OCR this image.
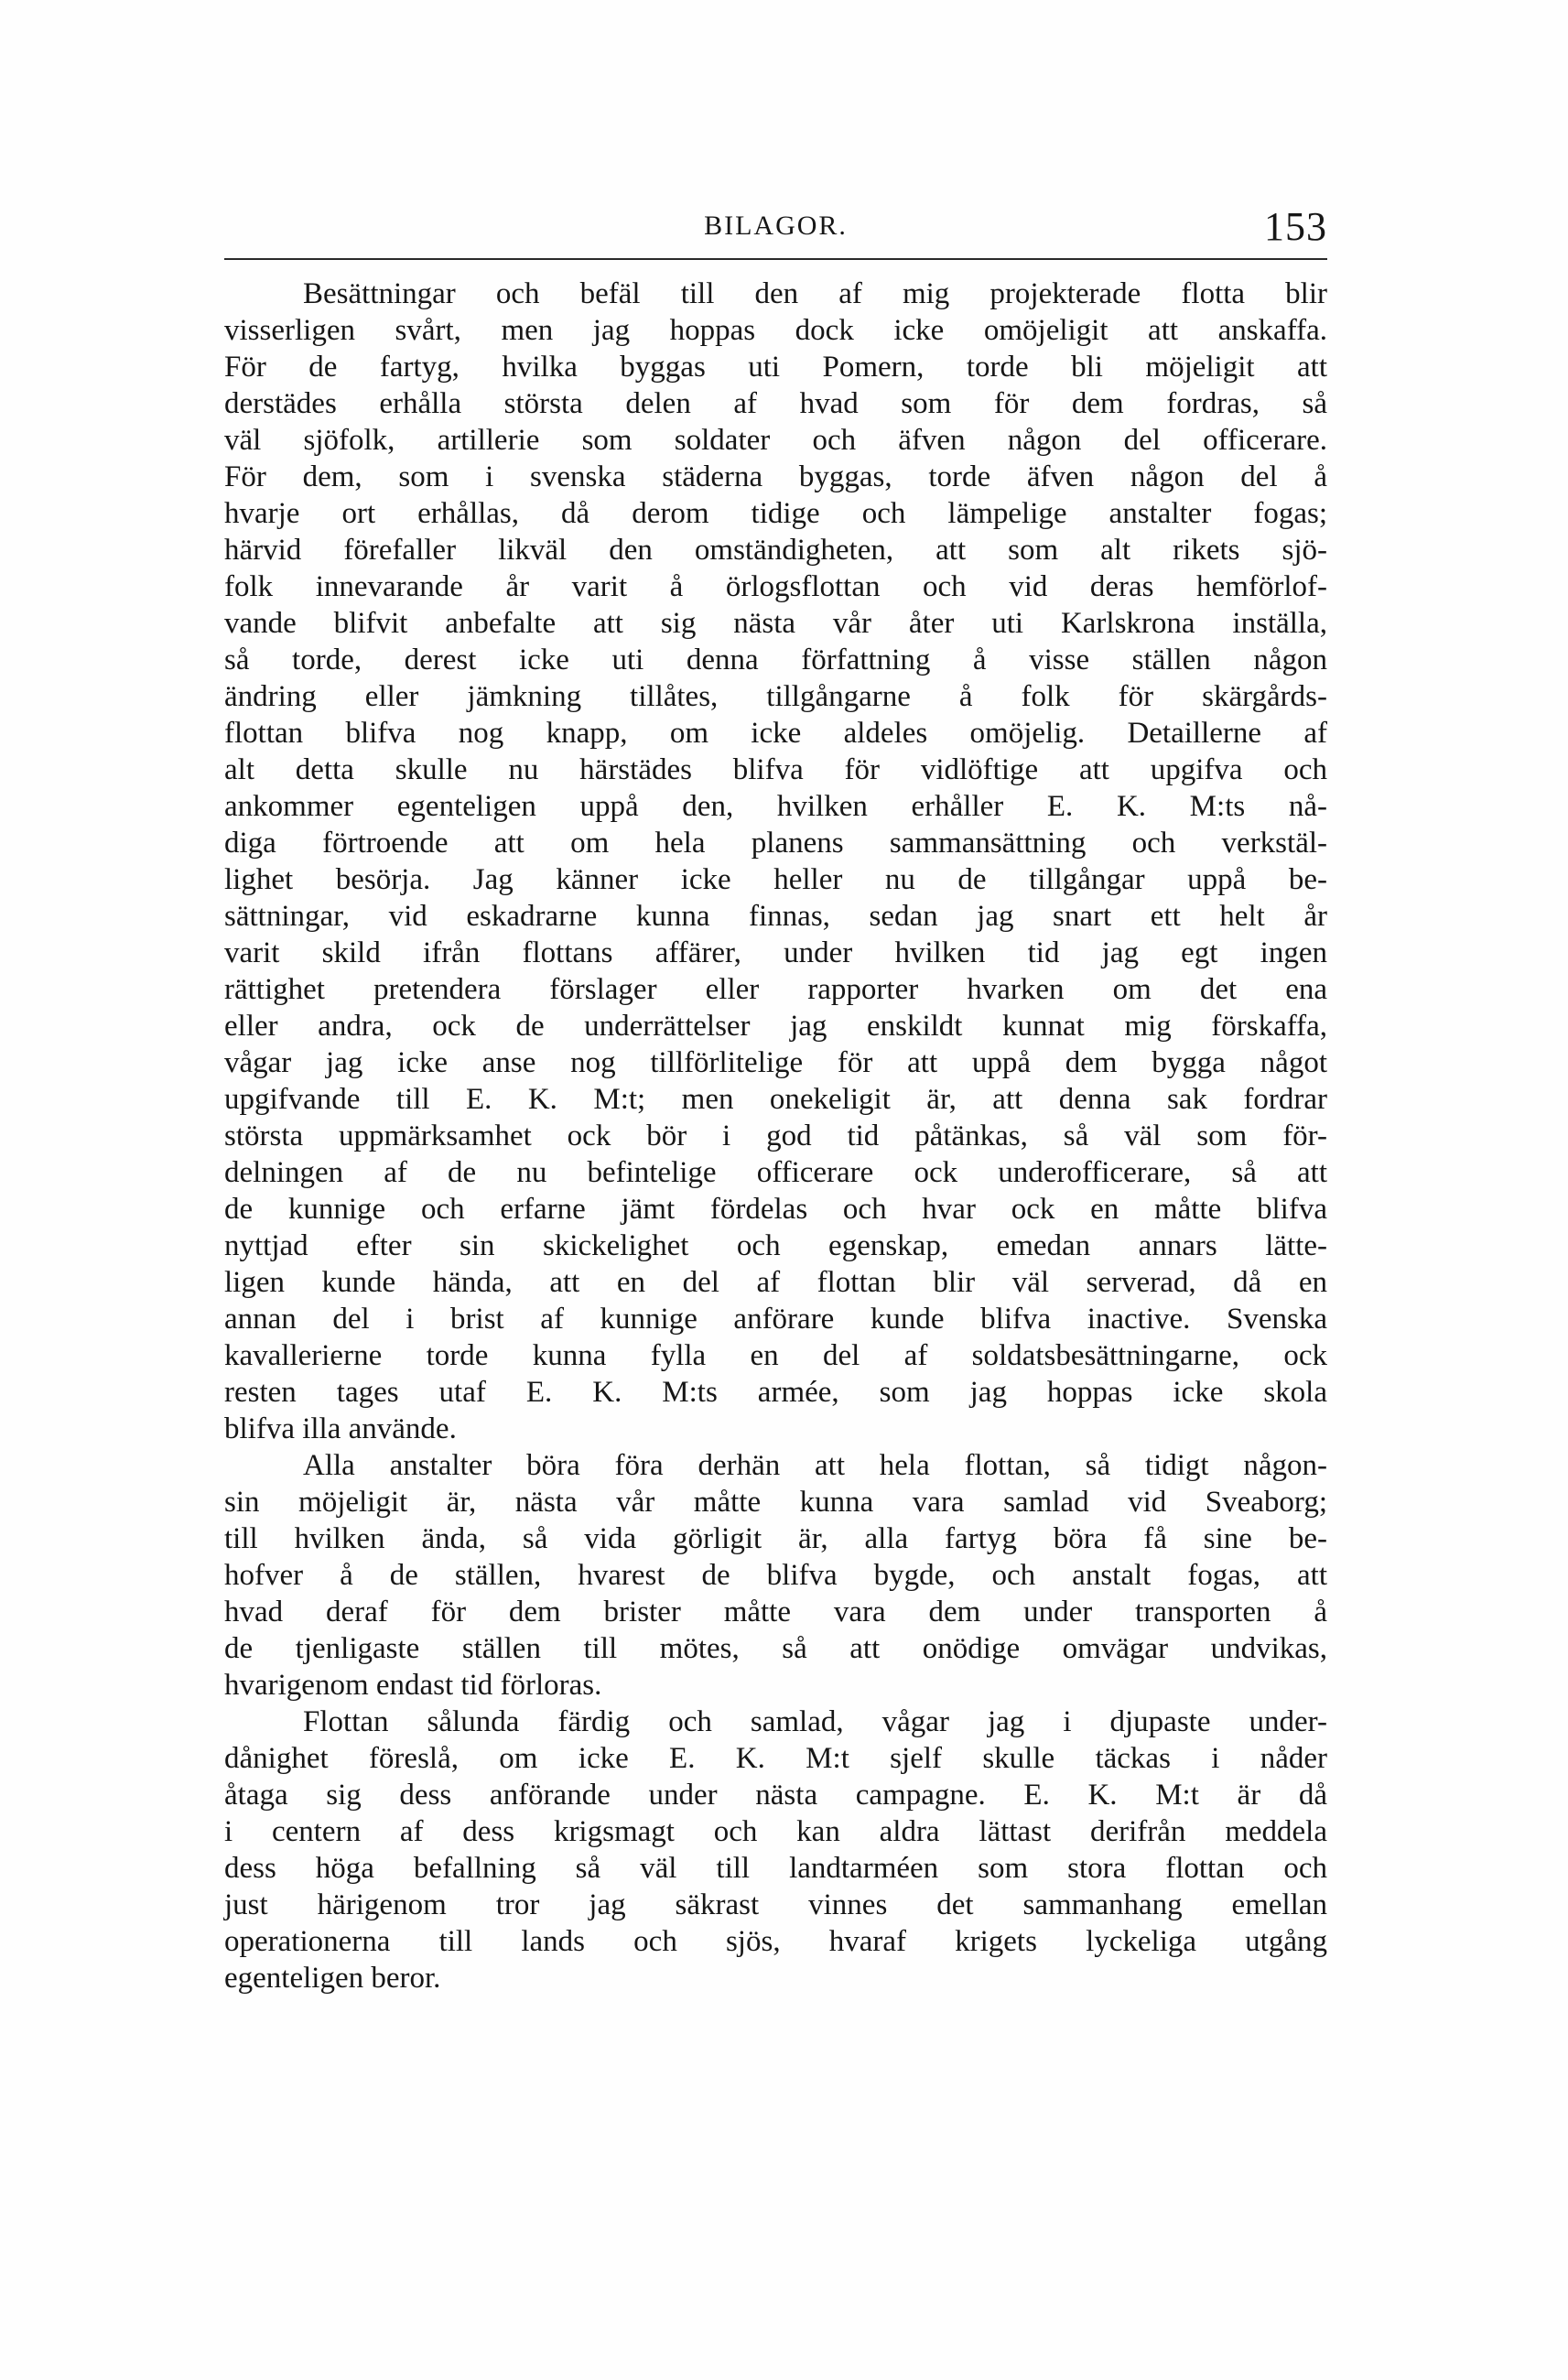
BILAGOR.	153
Besättningar och befäl till den af mig projekterade flotta blir
visserligen svårt, men jag hoppas dock icke omöjeligit att anskaffa.
För de fartyg, hvilka byggas uti Pomern, torde bli möjeligit att
derstädes erhålla största delen af hvad som för dem fordras, så
väl sjöfolk, artillerie som soldater och äfven någon del officerare.
För dem, som i svenska städerna byggas, torde äfven någon del å
hvarje ort erhållas, då derom tidige och lämpelige anstalter fogas;
härvid förefaller likväl den omständigheten, att som alt rikets sjö-
folk innevarande år varit å örlogsflottan och vid deras hemförlof-
vande blifvit anbefalte att sig nästa vår åter uti Karlskrona inställa,
så torde, derest icke uti denna författning å visse ställen någon
ändring eller jämkning tillåtes, tillgångarne å folk för skärgårds-
flottan blifva nog knapp, om icke aldeles omöjelig. Detaillerne af
alt detta skulle nu härstädes blifva för vidlöftige att upgifva och
ankommer egenteligen uppå den, hvilken erhåller E. K. M:ts nå-
diga förtroende att om hela planens sammansättning och verkstäl-
lighet besörja. Jag känner icke heller nu de tillgångar uppå be-
sättningar, vid eskadrarne kunna finnas, sedan jag snart ett helt år
varit skild ifrån flottans affärer, under hvilken tid jag egt ingen
rättighet pretendera förslager eller rapporter hvarken om det ena
eller andra, ock de underrättelser jag enskildt kunnat mig förskaffa,
vågar jag icke anse nog tillförlitelige för att uppå dem bygga något
upgifvande till E. K. M:t; men onekeligit är, att denna sak fordrar
största uppmärksamhet ock bör i god tid påtänkas, så väl som för-
delningen af de nu befintelige officerare ock underofficerare, så att
de kunnige och erfarne jämt fördelas och hvar ock en måtte blifva
nyttjad efter sin skickelighet och egenskap, emedan annars lätte-
ligen kunde hända, att en del af flottan blir väl serverad, då en
annan del i brist af kunnige anförare kunde blifva inactive. Svenska
kavallerierne torde kunna fylla en del af soldatsbesättningarne, ock
resten tages utaf E. K. M:ts armée, som jag hoppas icke skola
blifva illa använde.
Alla anstalter böra föra derhän att hela flottan, så tidigt någon-
sin möjeligit är, nästa vår måtte kunna vara samlad vid Sveaborg;
till hvilken ända, så vida görligit är, alla fartyg böra få sine be-
hofver å de ställen, hvarest de blifva bygde, och anstalt fogas, att
hvad deraf för dem brister måtte vara dem under transporten å
de tjenligaste ställen till mötes, så att onödige omvägar undvikas,
hvarigenom endast tid förloras.
Flottan sålunda färdig och samlad, vågar jag i djupaste under-
dånighet föreslå, om icke E. K. M:t sjelf skulle täckas i nåder
åtaga sig dess anförande under nästa campagne. E. K. M:t är då
i centern af dess krigsmagt och kan aldra lättast derifrån meddela
dess höga befallning så väl till landtarméen som stora flottan och
just härigenom tror jag säkrast vinnes det sammanhang emellan
operationerna till lands och sjös, hvaraf krigets lyckeliga utgång
egenteligen beror.
